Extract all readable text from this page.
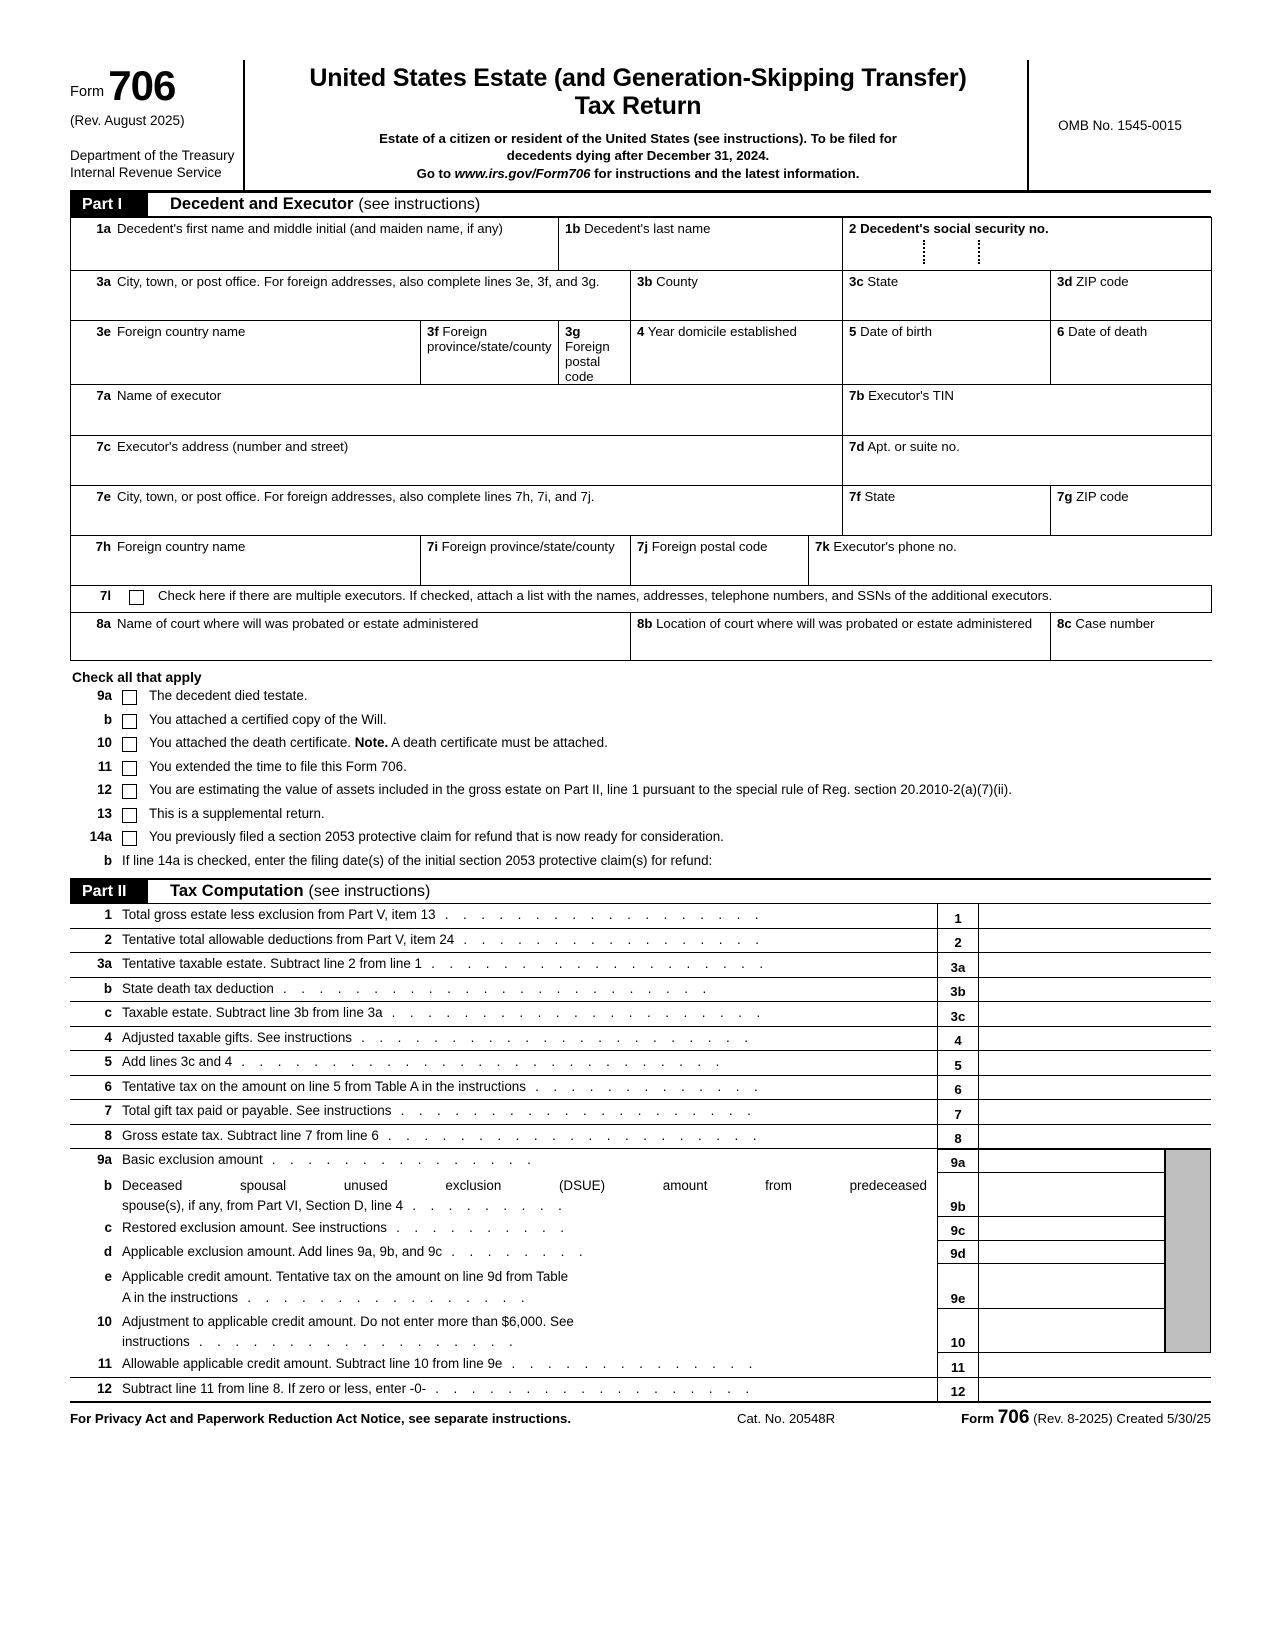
Form 706
(Rev. August 2025)
Department of the Treasury
Internal Revenue Service
United States Estate (and Generation-Skipping Transfer)
Tax Return
Estate of a citizen or resident of the United States (see instructions). To be filed for
decedents dying after December 31, 2024.
Go to www.irs.gov/Form706 for instructions and the latest information.
OMB No. 1545-0015
Part I	Decedent and Executor (see instructions)
1a Decedent's first name and middle initial (and maiden name, if any)		1b Decedent's last name			2 Decedent's social security no.	

3a City, town, or post office. For foreign addresses, also complete lines 3e, 3f, and 3g.			3b County		3c State	3d ZIP code

3e Foreign country name	3f Foreign province/state/county	3g Foreign postal code	4 Year domicile established		5 Date of birth	6 Date of death

7a Name of executor					7b Executor's TIN	

7c Executor's address (number and street)					7d Apt. or suite no.	

7e City, town, or post office. For foreign addresses, also complete lines 7h, 7i, and 7j.					7f State	7g ZIP code

7h Foreign country name	7i Foreign province/state/county		7j Foreign postal code	7k Executor's phone no.		

7l Check here if there are multiple executors. If checked, attach a list with the names, addresses, telephone numbers, and SSNs of the additional executors.						

8a Name of court where will was probated or estate administered			8b Location of court where will was probated or estate administered			8c Case number
Check all that apply
9a	The decedent died testate.
b	You attached a certified copy of the Will.
10	You attached the death certificate. Note. A death certificate must be attached.
11	You extended the time to file this Form 706.
12	You are estimating the value of assets included in the gross estate on Part II, line 1 pursuant to the special rule of Reg. section 20.2010-2(a)(7)(ii).
13	This is a supplemental return.
14a	You previously filed a section 2053 protective claim for refund that is now ready for consideration.
b If line 14a is checked, enter the filing date(s) of the initial section 2053 protective claim(s) for refund:
Part II	Tax Computation (see instructions)
1 Total gross estate less exclusion from Part V, item 13 . . . . . . . . . . . . . . . . . .	1
2 Tentative total allowable deductions from Part V, item 24 . . . . . . . . . . . . . . . . .	2
3a Tentative taxable estate. Subtract line 2 from line 1 . . . . . . . . . . . . . . . . . . .	3a
b State death tax deduction . . . . . . . . . . . . . . . . . . . . . . . .	3b
c Taxable estate. Subtract line 3b from line 3a . . . . . . . . . . . . . . . . . . . . .	3c
4 Adjusted taxable gifts. See instructions . . . . . . . . . . . . . . . . . . . . . .	4
5 Add lines 3c and 4 . . . . . . . . . . . . . . . . . . . . . . . . . . .	5
6 Tentative tax on the amount on line 5 from Table A in the instructions . . . . . . . . . . . . .	6
7 Total gift tax paid or payable. See instructions . . . . . . . . . . . . . . . . . . . .	7
8 Gross estate tax. Subtract line 7 from line 6 . . . . . . . . . . . . . . . . . . . . .	8
9a Basic exclusion amount . . . . . . . . . . . . . . .	9a
b Deceased spousal unused exclusion (DSUE) amount from predeceased
spouse(s), if any, from Part VI, Section D, line 4 . . . . . . . . .	9b
c Restored exclusion amount. See instructions . . . . . . . . . .	9c
d Applicable exclusion amount. Add lines 9a, 9b, and 9c . . . . . . . .	9d
e Applicable credit amount. Tentative tax on the amount on line 9d from Table
A in the instructions . . . . . . . . . . . . . . . .	9e
10 Adjustment to applicable credit amount. Do not enter more than $6,000. See
instructions . . . . . . . . . . . . . . . . . .	10
11 Allowable applicable credit amount. Subtract line 10 from line 9e . . . . . . . . . . . . . .	11
12 Subtract line 11 from line 8. If zero or less, enter -0- . . . . . . . . . . . . . . . . . .	12
For Privacy Act and Paperwork Reduction Act Notice, see separate instructions.	Cat. No. 20548R	Form 706 (Rev. 8-2025) Created 5/30/25
